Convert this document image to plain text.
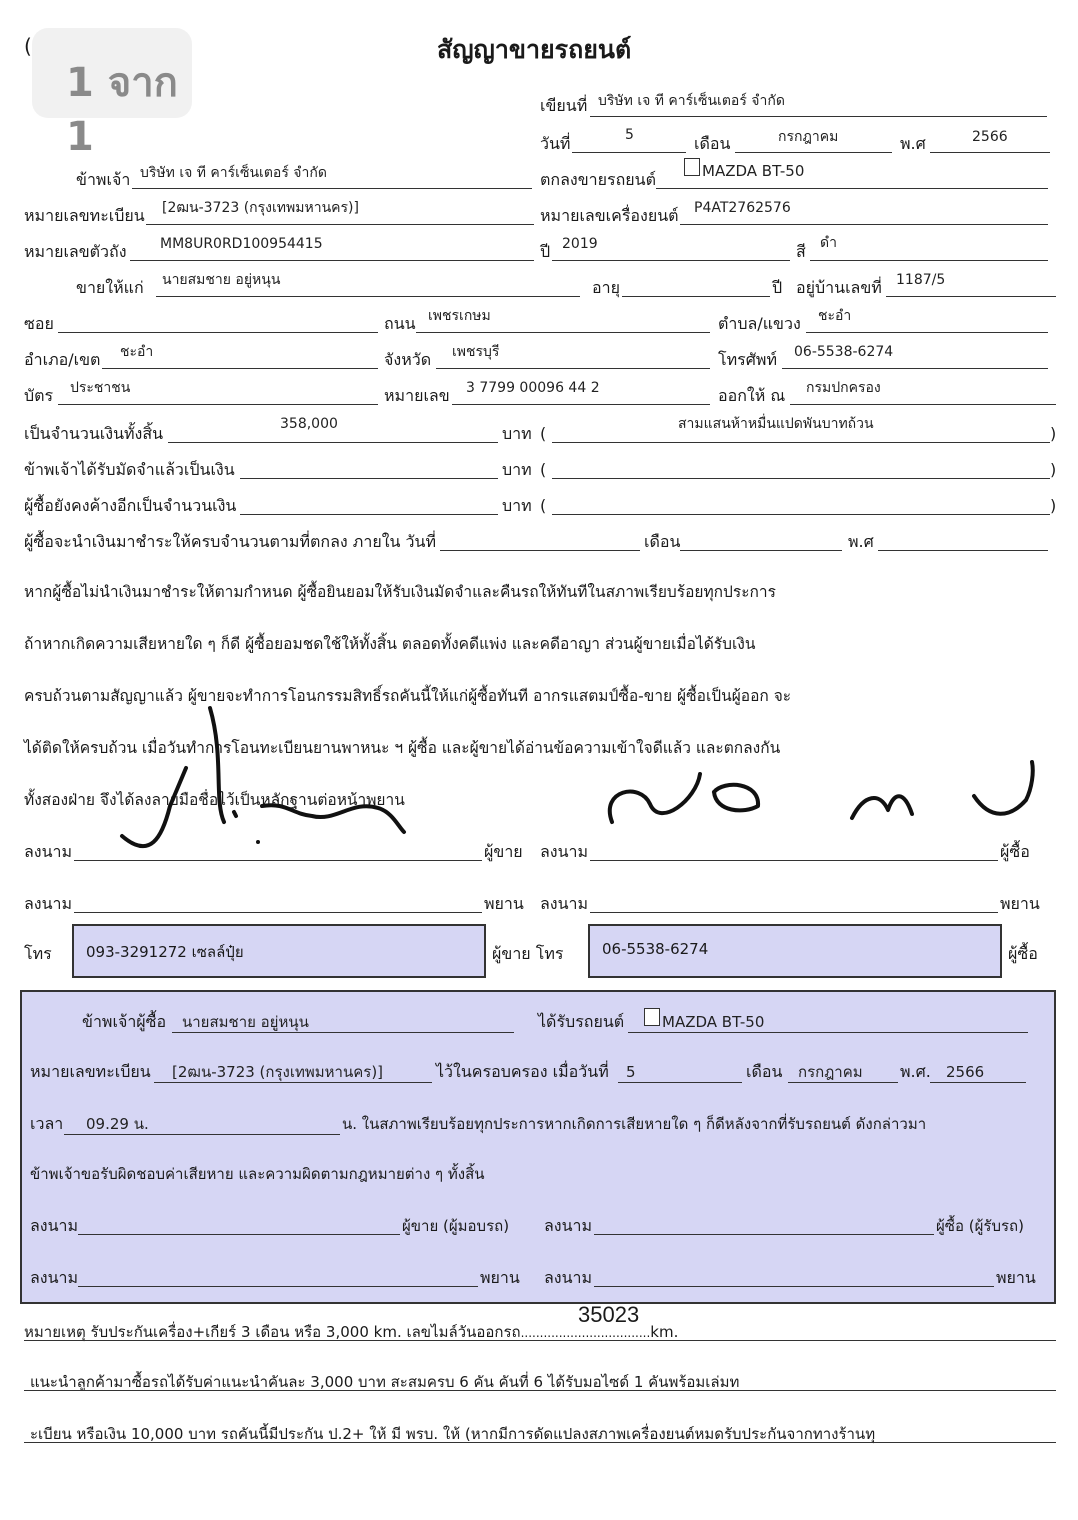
(	สัญญาขายรถยนต์
เขียนที่ บริษัท เจ ที คาร์เซ็นเตอร์ จำกัด
วันที่	5	เดือน	กรกฎาคม	พ.ศ	2566
ข้าพเจ้า บริษัท เจ ที คาร์เซ็นเตอร์ จำกัด	ตกลงขายรถยนต์	MAZDA BT-50
หมายเลขทะเบียน [2ฒน-3723 (กรุงเทพมหานคร)]	หมายเลขเครื่องยนต์ P4AT2762576
หมายเลขตัวถัง MM8UR0RD100954415	ปี 2019	สี ดำ
ขายให้แก่ นายสมชาย อยู่หนุน	อายุ	ปี อยู่บ้านเลขที่ 1187/5
ซอย	ถนน เพชรเกษม	ตำบล/แขวง ชะอำ
อำเภอ/เขต ชะอำ	จังหวัด เพชรบุรี	โทรศัพท์ 06-5538-6274
บัตร ประชาชน	หมายเลข 3 7799 00096 44 2	ออกให้ ณ กรมปกครอง
เป็นจำนวนเงินทั้งสิ้น	358,000	บาท (	สามแสนห้าหมื่นแปดพันบาทถ้วน	)
ข้าพเจ้าได้รับมัดจำแล้วเป็นเงิน	บาท (	)
ผู้ซื้อยังคงค้างอีกเป็นจำนวนเงิน	บาท (	)
ผู้ซื้อจะนำเงินมาชำระให้ครบจำนวนตามที่ตกลง ภายใน วันที่	เดือน	พ.ศ
หากผู้ซื้อไม่นำเงินมาชำระให้ตามกำหนด ผู้ซื้อยินยอมให้รับเงินมัดจำและคืนรถให้ทันทีในสภาพเรียบร้อยทุกประการ
ถ้าหากเกิดความเสียหายใด ๆ ก็ดี ผู้ซื้อยอมชดใช้ให้ทั้งสิ้น ตลอดทั้งคดีแพ่ง และคดีอาญา ส่วนผู้ขายเมื่อได้รับเงิน
ครบถ้วนตามสัญญาแล้ว ผู้ขายจะทำการโอนกรรมสิทธิ์รถคันนี้ให้แก่ผู้ซื้อทันที อากรแสตมป์ซื้อ-ขาย ผู้ซื้อเป็นผู้ออก จะ
ได้ติดให้ครบถ้วน เมื่อวันทำการโอนทะเบียนยานพาหนะ ฯ ผู้ซื้อ และผู้ขายได้อ่านข้อความเข้าใจดีแล้ว และตกลงกัน
ทั้งสองฝ่าย จึงได้ลงลายมือชื่อไว้เป็นหลักฐานต่อหน้าพยาน
ลงนาม	ผู้ขาย ลงนาม	ผู้ซื้อ
ลงนาม	พยาน ลงนาม	พยาน
โทร 093-3291272 เซลล์ปุ๋ย	ผู้ขาย โทร	06-5538-6274	ผู้ซื้อ
ข้าพเจ้าผู้ซื้อ นายสมชาย อยู่หนุน	ได้รับรถยนต์	MAZDA BT-50
หมายเลขทะเบียน [2ฒน-3723 (กรุงเทพมหานคร)]	ไว้ในครอบครอง เมื่อวันที่ 5	เดือน กรกฎาคม พ.ศ. 2566
เวลา 09.29 น.	น. ในสภาพเรียบร้อยทุกประการหากเกิดการเสียหายใด ๆ ก็ดีหลังจากที่รับรถยนต์ ดังกล่าวมา
ข้าพเจ้าขอรับผิดชอบค่าเสียหาย และความผิดตามกฎหมายต่าง ๆ ทั้งสิ้น
ลงนาม	ผู้ขาย (ผู้มอบรถ) ลงนาม	ผู้ซื้อ (ผู้รับรถ)
ลงนาม	พยาน ลงนาม	พยาน
35023
หมายเหตุ รับประกันเครื่อง+เกียร์ 3 เดือน หรือ 3,000 km. เลขไมล์วันออกรถ..................................km.
แนะนำลูกค้ามาซื้อรถได้รับค่าแนะนำคันละ 3,000 บาท สะสมครบ 6 คัน คันที่ 6 ได้รับมอไซด์ 1 คันพร้อมเล่มท
ะเบียน หรือเงิน 10,000 บาท รถคันนี้มีประกัน ป.2+ ให้ มี พรบ. ให้ (หากมีการดัดแปลงสภาพเครื่องยนต์หมดรับประกันจากทางร้านทุ
1 จาก 1
